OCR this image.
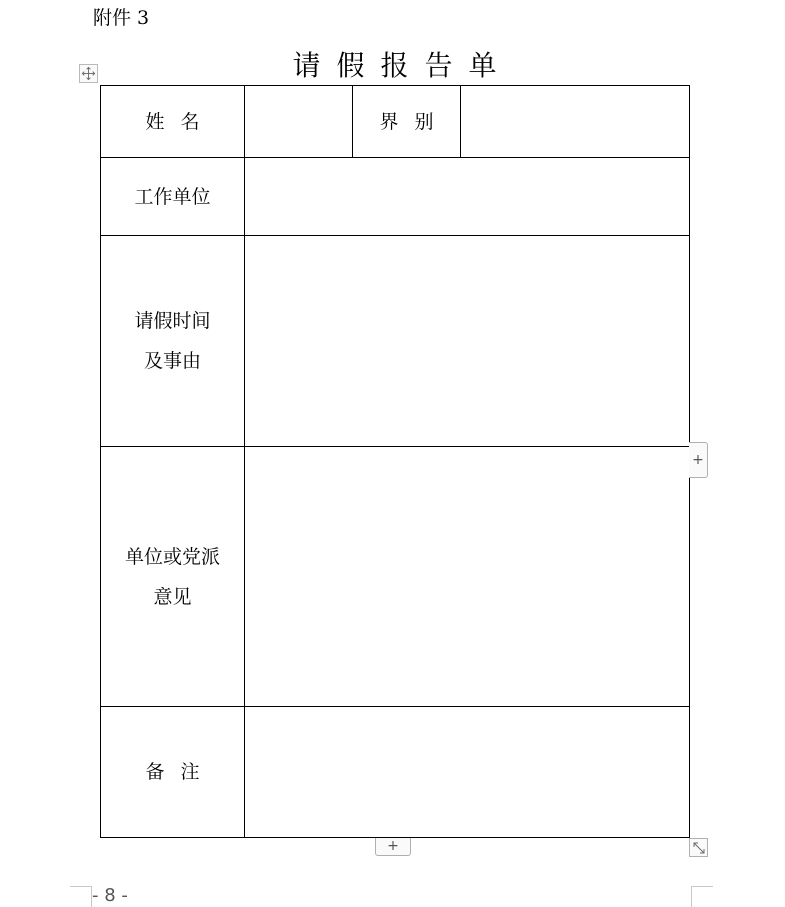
附件 3
请假报告单
姓名		界别	
工作单位			

请假时间
及事由			

单位或党派
意见			

备注			
+
+
- 8 -
